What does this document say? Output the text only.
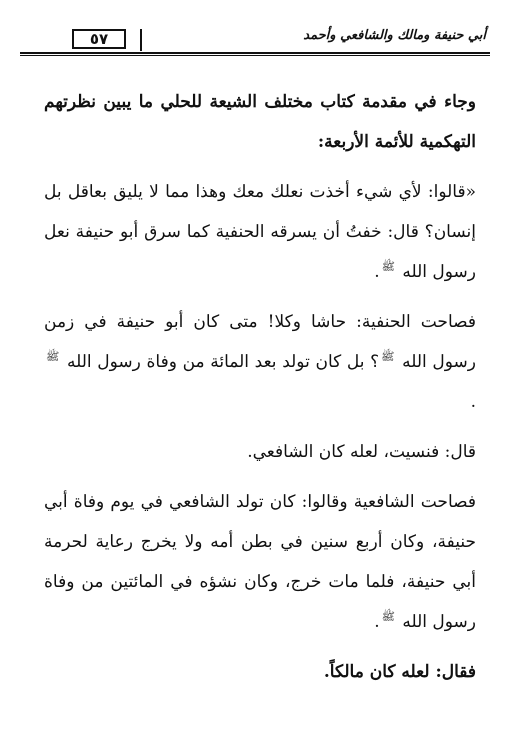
٥٧	أبي حنيفة ومالك والشافعي وأحمد

وجاء في مقدمة كتاب مختلف الشيعة للحلي ما يبين نظرتهم التهكمية للأئمة الأربعة:

«قالوا: لأي شيء أخذت نعلك معك وهذا مما لا يليق بعاقل بل إنسان؟ قال: خفتُ أن يسرقه الحنفية كما سرق أبو حنيفة نعل رسول الله ﷺ.

فصاحت الحنفية: حاشا وكلا! متى كان أبو حنيفة في زمن رسول الله ﷺ؟ بل كان تولد بعد المائة من وفاة رسول الله ﷺ.

قال: فنسيت، لعله كان الشافعي.

فصاحت الشافعية وقالوا: كان تولد الشافعي في يوم وفاة أبي حنيفة، وكان أربع سنين في بطن أمه ولا يخرج رعاية لحرمة أبي حنيفة، فلما مات خرج، وكان نشؤه في المائتين من وفاة رسول الله ﷺ.

فقال: لعله كان مالكاً.
